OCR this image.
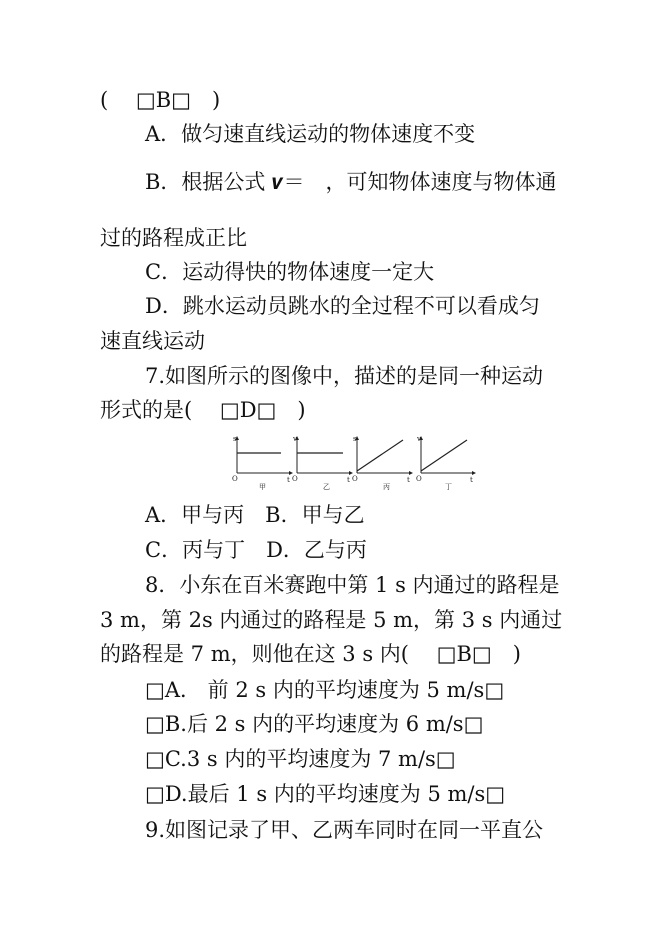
(　 □B□　)
A．做匀速直线运动的物体速度不变
B．根据公式 𝒗＝　，可知物体速度与物体通
过的路程成正比
C．运动得快的物体速度一定大
D．跳水运动员跳水的全过程不可以看成匀
速直线运动
7.如图所示的图像中，描述的是同一种运动
形式的是(　 □D□　)
A．甲与丙　B．甲与乙
C．丙与丁　D．乙与丙
8．小东在百米赛跑中第 1 s 内通过的路程是
3 m，第 2s 内通过的路程是 5 m，第 3 s 内通过
的路程是 7 m，则他在这 3 s 内(　 □B□　)
□A． 前 2 s 内的平均速度为 5 m/s□
□B.后 2 s 内的平均速度为 6 m/s□
□C.3 s 内的平均速度为 7 m/s□
□D.最后 1 s 内的平均速度为 5 m/s□
9.如图记录了甲、乙两车同时在同一平直公
s
O	t
甲
v
O	t
乙
s
O	t
丙
v
O	t
丁
